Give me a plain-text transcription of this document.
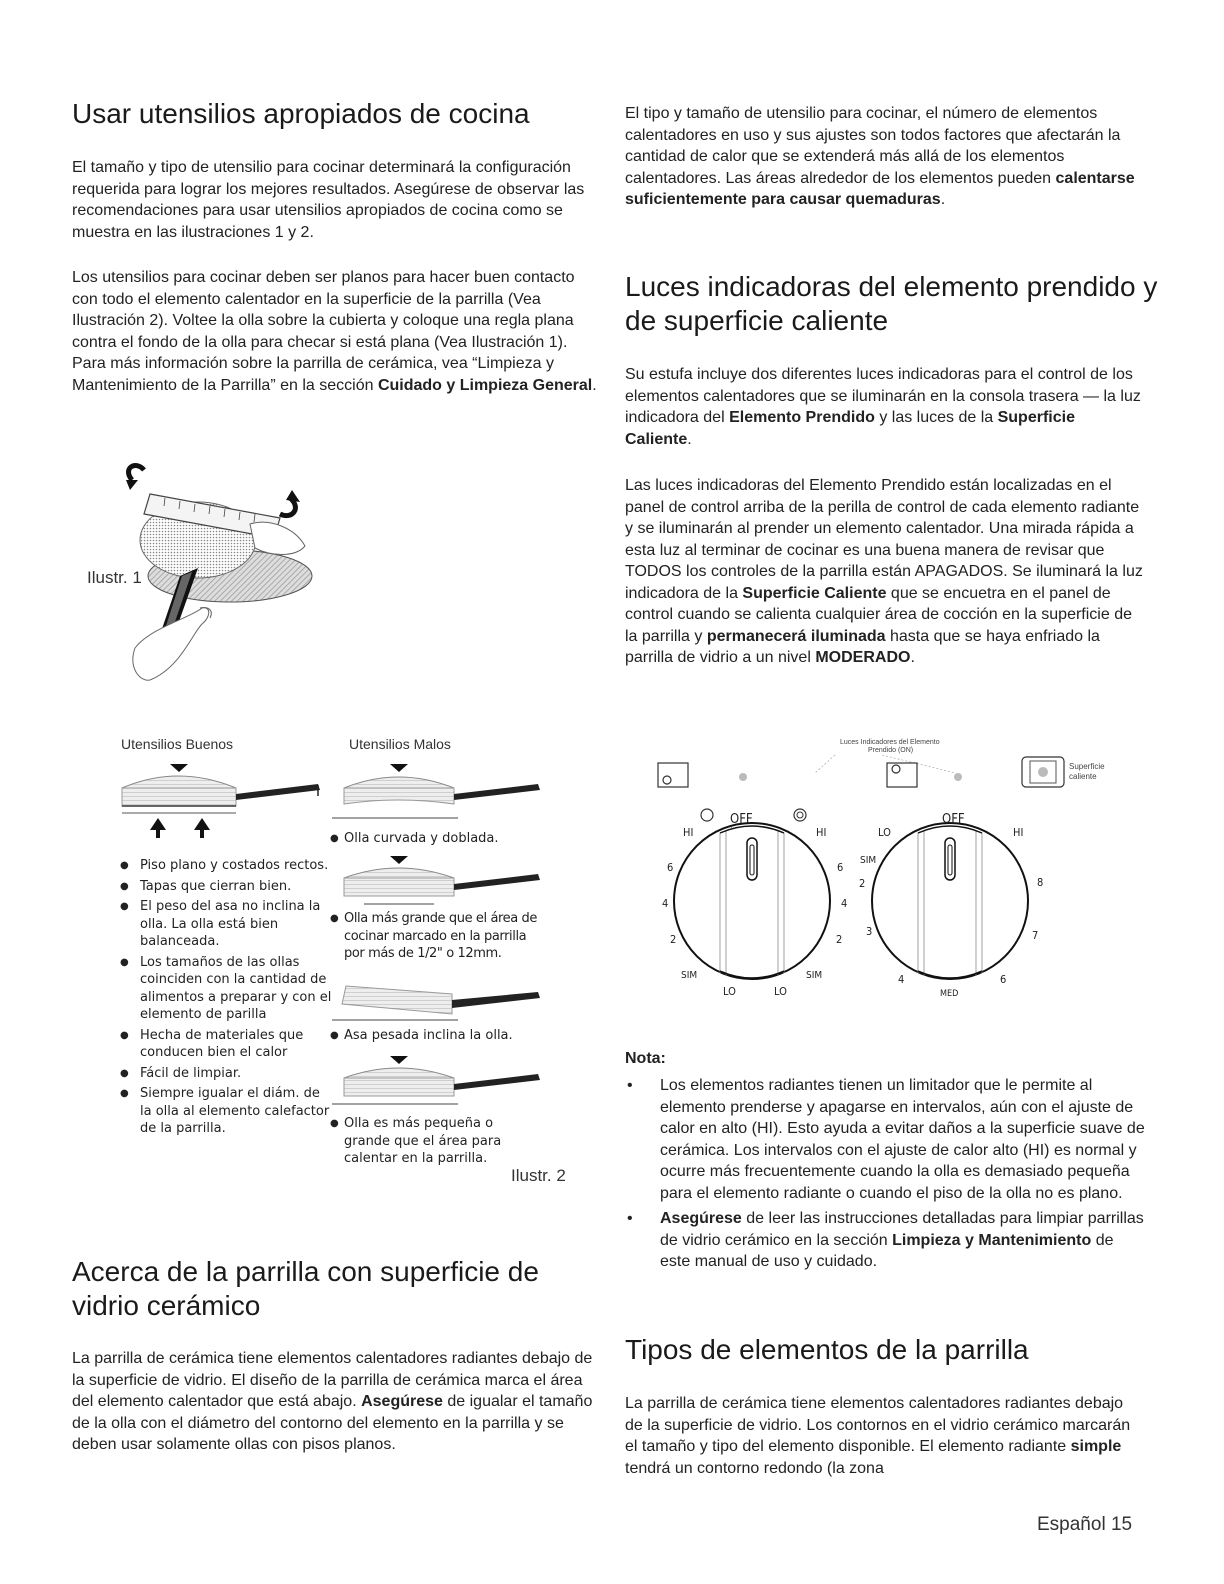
Usar utensilios apropiados de cocina

El tamaño y tipo de utensilio para cocinar determinará la configuración requerida para lograr los mejores resultados. Asegúrese de observar las recomendaciones para usar utensilios apropiados de cocina como se muestra en las ilustraciones 1 y 2.

Los utensilios para cocinar deben ser planos para hacer buen contacto con todo el elemento calentador en la superficie de la parrilla (Vea Ilustración 2). Voltee la olla sobre la cubierta y coloque una regla plana contra el fondo de la olla para checar si está plana (Vea Ilustración 1). Para más información sobre la parrilla de cerámica, vea “Limpieza y Mantenimiento de la Parrilla” en la sección Cuidado y Limpieza General.

Ilustr. 1
Utensilios Buenos	Utensilios Malos
● Piso plano y costados rectos.
● Tapas que cierran bien.
● El peso del asa no inclina la olla. La olla está bien balanceada.
● Los tamaños de las ollas coinciden con la cantidad de alimentos a preparar y con el elemento de parilla
● Hecha de materiales que conducen bien el calor
● Fácil de limpiar.
● Siempre igualar el diám. de la olla al elemento calefactor de la parrilla.
● Olla curvada y doblada.
● Olla más grande que el área de cocinar marcado en la parrilla por más de 1/2" o 12mm.
● Asa pesada inclina la olla.
● Olla es más pequeña o grande que el área para calentar en la parrilla.
Ilustr. 2
Acerca de la parrilla con superficie de vidrio cerámico

La parrilla de cerámica tiene elementos calentadores radiantes debajo de la superficie de vidrio. El diseño de la parrilla de cerámica marca el área del elemento calentador que está abajo. Asegúrese de igualar el tamaño de la olla con el diámetro del contorno del elemento en la parrilla y se deben usar solamente ollas con pisos planos.

El tipo y tamaño de utensilio para cocinar, el número de elementos calentadores en uso y sus ajustes son todos factores que afectarán la cantidad de calor que se extenderá más allá de los elementos calentadores. Las áreas alrededor de los elementos pueden calentarse suficientemente para causar quemaduras.

Luces indicadoras del elemento prendido y de superficie caliente

Su estufa incluye dos diferentes luces indicadoras para el control de los elementos calentadores que se iluminarán en la consola trasera — la luz indicadora del Elemento Prendido y las luces de la Superficie Caliente.

Las luces indicadoras del Elemento Prendido están localizadas en el panel de control arriba de la perilla de control de cada elemento radiante y se iluminarán al prender un elemento calentador. Una mirada rápida a esta luz al terminar de cocinar es una buena manera de revisar que TODOS los controles de la parrilla están APAGADOS. Se iluminará la luz indicadora de la Superficie Caliente que se encuetra en el panel de control cuando se calienta cualquier área de cocción en la superficie de la parrilla y permanecerá iluminada hasta que se haya enfriado la parrilla de vidrio a un nivel MODERADO.

Luces Indicadores del Elemento
Prendido (ON)
Superficie
caliente
OFF
HI	HI
6	6
4	4
2	2
SIM	SIM
LO	LO
OFF
LO	HI
SIM
2	8
3	7
4	6
MED
Nota:
• Los elementos radiantes tienen un limitador que le permite al elemento prenderse y apagarse en intervalos, aún con el ajuste de calor en alto (HI). Esto ayuda a evitar daños a la superficie suave de cerámica. Los intervalos con el ajuste de calor alto (HI) es normal y ocurre más frecuentemente cuando la olla es demasiado pequeña para el elemento radiante o cuando el piso de la olla no es plano.
• Asegúrese de leer las instrucciones detalladas para limpiar parrillas de vidrio cerámico en la sección Limpieza y Mantenimiento de este manual de uso y cuidado.
Tipos de elementos de la parrilla

La parrilla de cerámica tiene elementos calentadores radiantes debajo de la superficie de vidrio. Los contornos en el vidrio cerámico marcarán el tamaño y tipo del elemento disponible. El elemento radiante simple tendrá un contorno redondo (la zona

Español 15
